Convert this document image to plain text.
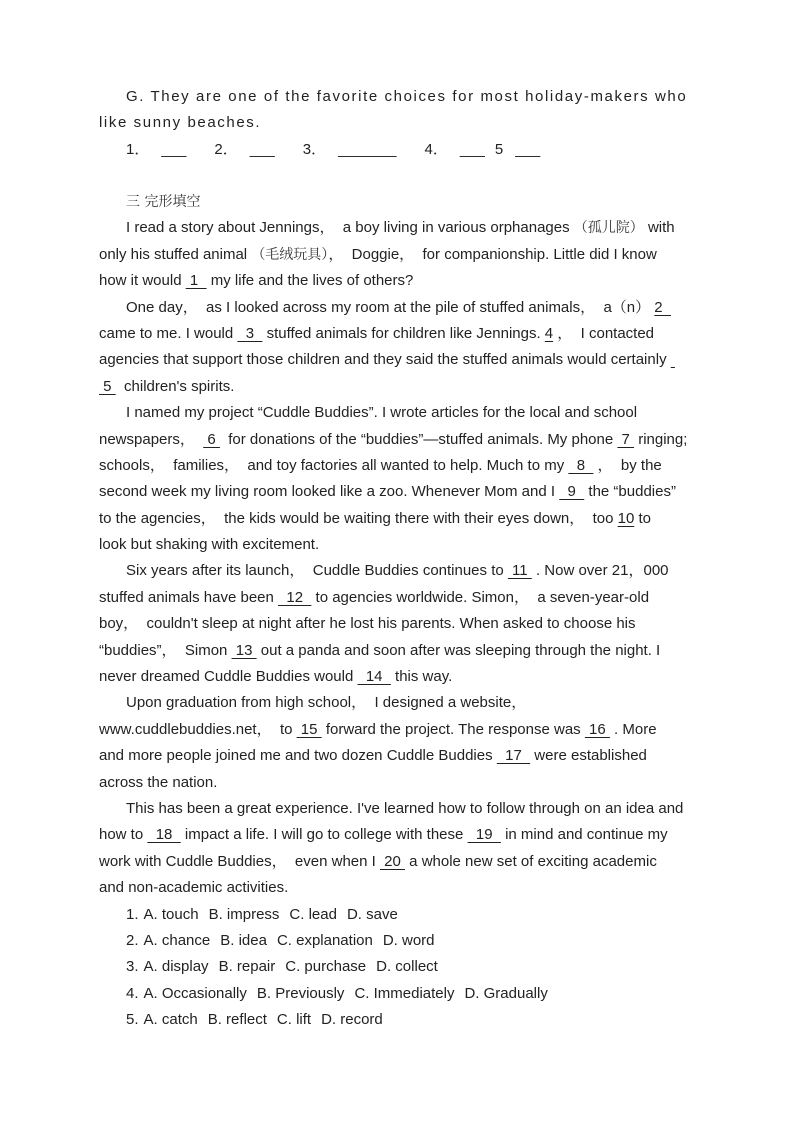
G. They are one of the favorite choices for most holiday-makers who
like sunny beaches.
1． ___ 2． ___ 3． _______ 4． ___ 5 ___
三 完形填空
I read a story about Jennings，  a boy living in various orphanages （孤儿院） with
only his stuffed animal （毛绒玩具），  Doggie，  for companionship. Little did I know
how it would  1   my life and the lives of others?
One day，  as I looked across my room at the pile of stuffed animals，  a（n） 2
came to me. I would   3   stuffed animals for children like Jennings. 4 ，  I contacted
agencies that support those children and they said the stuffed animals would certainly
5   children's spirits.
I named my project “Cuddle Buddies”. I wrote articles for the local and school
newspapers，   6   for donations of the “buddies”—stuffed animals. My phone  7  ringing;
schools，  families，  and toy factories all wanted to help. Much to my   8   ，  by the
second week my living room looked like a zoo. Whenever Mom and I   9   the “buddies”
to the agencies，  the kids would be waiting there with their eyes down，  too 10 to
look but shaking with excitement.
Six years after its launch，  Cuddle Buddies continues to  11  . Now over 21，000
stuffed animals have been   12   to agencies worldwide. Simon，  a seven-year-old
boy，  couldn't sleep at night after he lost his parents. When asked to choose his
“buddies”，  Simon  13  out a panda and soon after was sleeping through the night. I
never dreamed Cuddle Buddies would   14   this way.
Upon graduation from high school，  I designed a website，
www.cuddlebuddies.net，  to  15  forward the project. The response was  16  . More
and more people joined me and two dozen Cuddle Buddies   17   were established
across the nation.
This has been a great experience. I've learned how to follow through on an idea and
how to   18   impact a life. I will go to college with these   19   in mind and continue my
work with Cuddle Buddies，  even when I  20  a whole new set of exciting academic
and non-academic activities.
1. A. touch B. impress C. lead D. save
2. A. chance B. idea C. explanation D. word
3. A. display B. repair C. purchase D. collect
4. A. Occasionally B. Previously C. Immediately D. Gradually
5. A. catch B. reflect C. lift D. record
